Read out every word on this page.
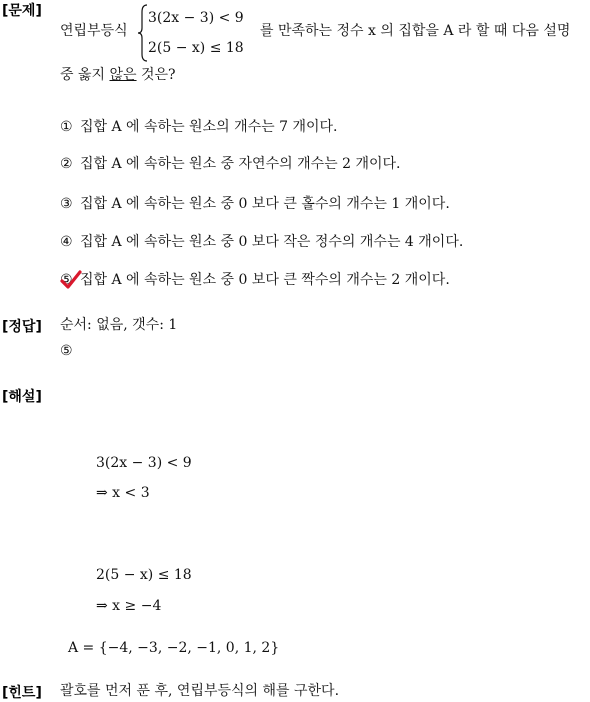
[문제]
연립부등식
3(2x − 3) < 9
2(5 − x) ≤ 18
를 만족하는 정수 x 의 집합을 A 라 할 때 다음 설명
중 옳지 않은 것은?
① 집합 A 에 속하는 원소의 개수는 7 개이다.
② 집합 A 에 속하는 원소 중 자연수의 개수는 2 개이다.
③ 집합 A 에 속하는 원소 중 0 보다 큰 홀수의 개수는 1 개이다.
④ 집합 A 에 속하는 원소 중 0 보다 작은 정수의 개수는 4 개이다.
⑤ 집합 A 에 속하는 원소 중 0 보다 큰 짝수의 개수는 2 개이다.
[정답] 순서: 없음, 갯수: 1
⑤
[해설]
3(2x − 3) < 9
⇒ x < 3
2(5 − x) ≤ 18
⇒ x ≥ −4
A = {−4, −3, −2, −1, 0, 1, 2}
[힌트] 괄호를 먼저 푼 후, 연립부등식의 해를 구한다.
